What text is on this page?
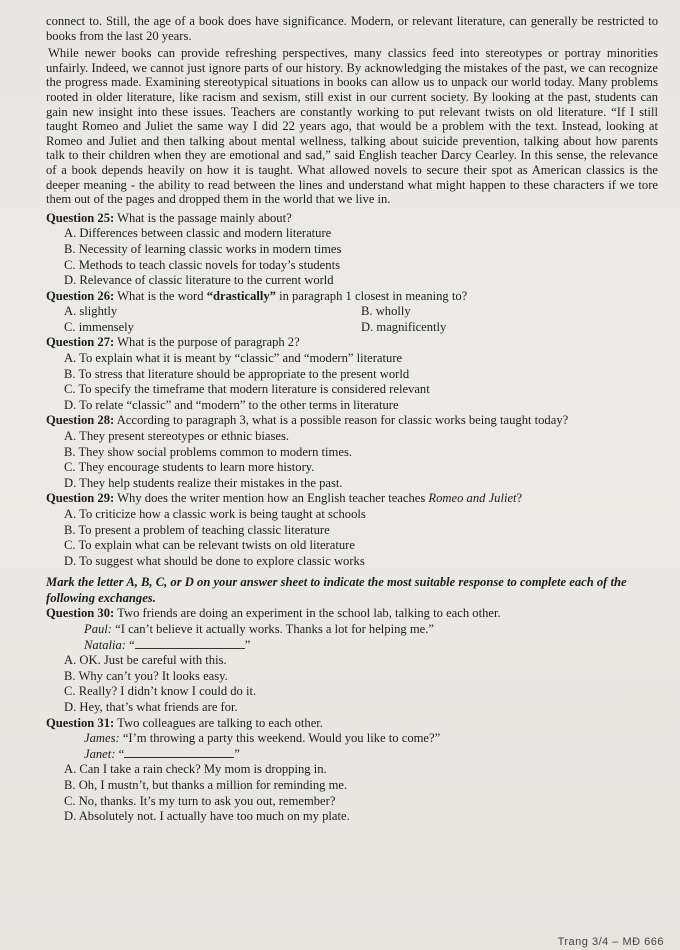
connect to. Still, the age of a book does have significance. Modern, or relevant literature, can generally be restricted to books from the last 20 years.

While newer books can provide refreshing perspectives, many classics feed into stereotypes or portray minorities unfairly. Indeed, we cannot just ignore parts of our history. By acknowledging the mistakes of the past, we can recognize the progress made. Examining stereotypical situations in books can allow us to unpack our world today. Many problems rooted in older literature, like racism and sexism, still exist in our current society. By looking at the past, students can gain new insight into these issues. Teachers are constantly working to put relevant twists on old literature. “If I still taught Romeo and Juliet the same way I did 22 years ago, that would be a problem with the text. Instead, looking at Romeo and Juliet and then talking about mental wellness, talking about suicide prevention, talking about how parents talk to their children when they are emotional and sad,” said English teacher Darcy Cearley. In this sense, the relevance of a book depends heavily on how it is taught. What allowed novels to secure their spot as American classics is the deeper meaning - the ability to read between the lines and understand what might happen to these characters if we tore them out of the pages and dropped them in the world that we live in.

Question 25: What is the passage mainly about?
A. Differences between classic and modern literature
B. Necessity of learning classic works in modern times
C. Methods to teach classic novels for today’s students
D. Relevance of classic literature to the current world
Question 26: What is the word “drastically” in paragraph 1 closest in meaning to?
A. slightly	B. wholly
C. immensely	D. magnificently
Question 27: What is the purpose of paragraph 2?
A. To explain what it is meant by “classic” and “modern” literature
B. To stress that literature should be appropriate to the present world
C. To specify the timeframe that modern literature is considered relevant
D. To relate “classic” and “modern” to the other terms in literature
Question 28: According to paragraph 3, what is a possible reason for classic works being taught today?
A. They present stereotypes or ethnic biases.
B. They show social problems common to modern times.
C. They encourage students to learn more history.
D. They help students realize their mistakes in the past.
Question 29: Why does the writer mention how an English teacher teaches Romeo and Juliet?
A. To criticize how a classic work is being taught at schools
B. To present a problem of teaching classic literature
C. To explain what can be relevant twists on old literature
D. To suggest what should be done to explore classic works

Mark the letter A, B, C, or D on your answer sheet to indicate the most suitable response to complete each of the following exchanges.

Question 30: Two friends are doing an experiment in the school lab, talking to each other.
Paul: “I can’t believe it actually works. Thanks a lot for helping me.”
Natalia: “	”
A. OK. Just be careful with this.
B. Why can’t you? It looks easy.
C. Really? I didn’t know I could do it.
D. Hey, that’s what friends are for.
Question 31: Two colleagues are talking to each other.
James: “I’m throwing a party this weekend. Would you like to come?”
Janet: “	”
A. Can I take a rain check? My mom is dropping in.
B. Oh, I mustn’t, but thanks a million for reminding me.
C. No, thanks. It’s my turn to ask you out, remember?
D. Absolutely not. I actually have too much on my plate.
Trang 3/4 – MĐ 666
